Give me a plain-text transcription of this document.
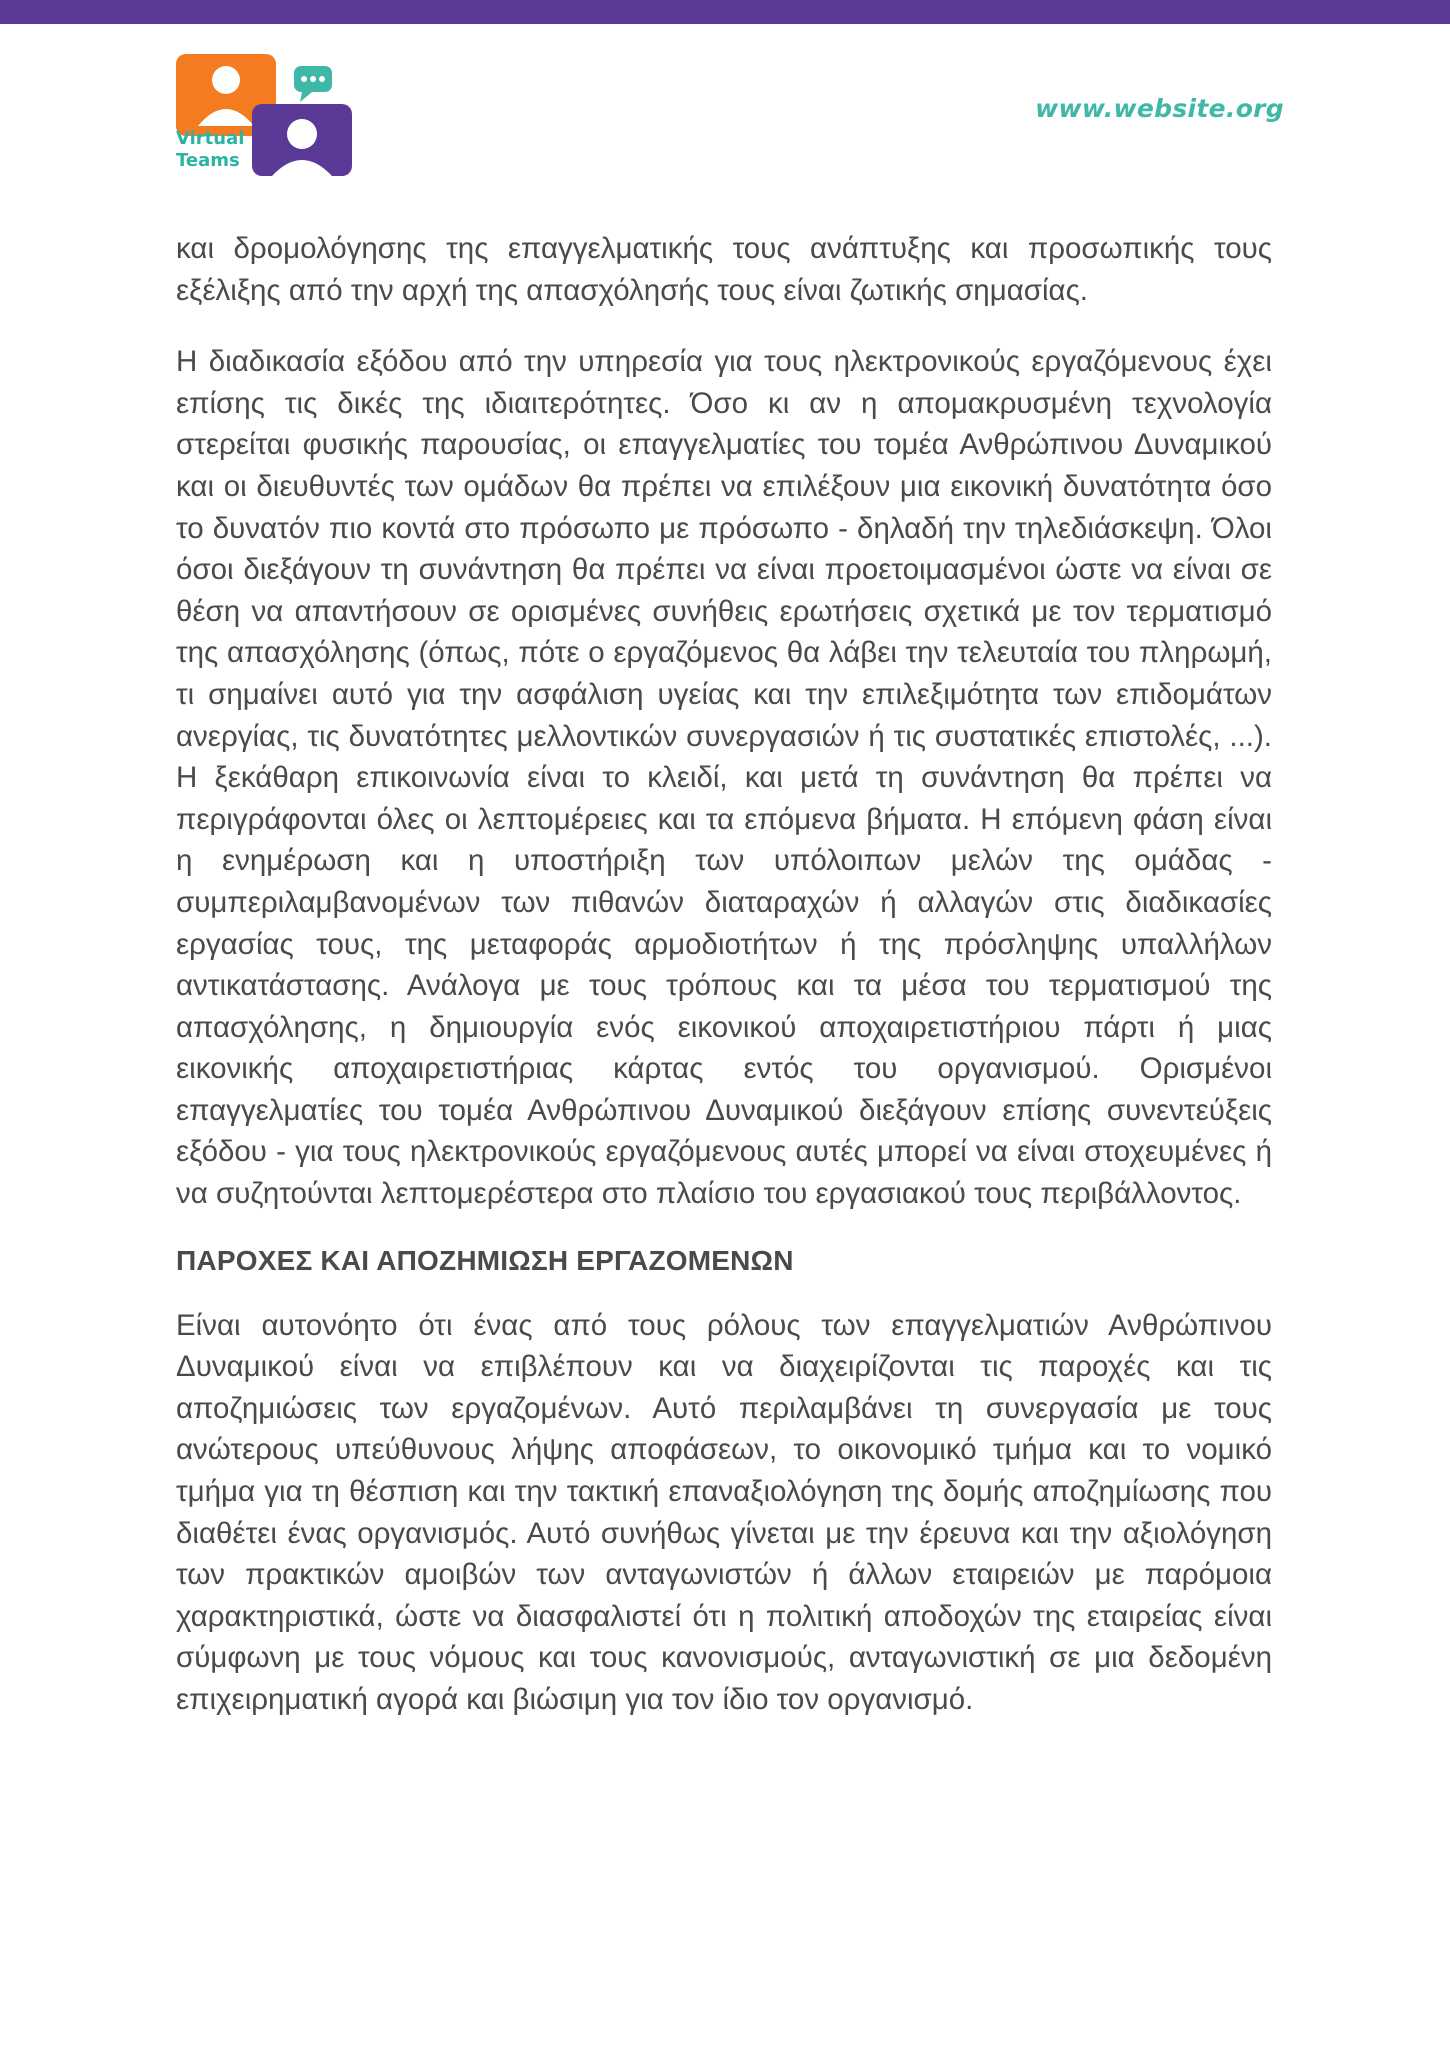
Virtual
Teams
www.website.org

και δρομολόγησης της επαγγελματικής τους ανάπτυξης και προσωπικής τους εξέλιξης από την αρχή της απασχόλησής τους είναι ζωτικής σημασίας.

Η διαδικασία εξόδου από την υπηρεσία για τους ηλεκτρονικούς εργαζόμενους έχει επίσης τις δικές της ιδιαιτερότητες. Όσο κι αν η απομακρυσμένη τεχνολογία στερείται φυσικής παρουσίας, οι επαγγελματίες του τομέα Ανθρώπινου Δυναμικού και οι διευθυντές των ομάδων θα πρέπει να επιλέξουν μια εικονική δυνατότητα όσο το δυνατόν πιο κοντά στο πρόσωπο με πρόσωπο - δηλαδή την τηλεδιάσκεψη. Όλοι όσοι διεξάγουν τη συνάντηση θα πρέπει να είναι προετοιμασμένοι ώστε να είναι σε θέση να απαντήσουν σε ορισμένες συνήθεις ερωτήσεις σχετικά με τον τερματισμό της απασχόλησης (όπως, πότε ο εργαζόμενος θα λάβει την τελευταία του πληρωμή, τι σημαίνει αυτό για την ασφάλιση υγείας και την επιλεξιμότητα των επιδομάτων ανεργίας, τις δυνατότητες μελλοντικών συνεργασιών ή τις συστατικές επιστολές, ...). Η ξεκάθαρη επικοινωνία είναι το κλειδί, και μετά τη συνάντηση θα πρέπει να περιγράφονται όλες οι λεπτομέρειες και τα επόμενα βήματα. Η επόμενη φάση είναι η ενημέρωση και η υποστήριξη των υπόλοιπων μελών της ομάδας - συμπεριλαμβανομένων των πιθανών διαταραχών ή αλλαγών στις διαδικασίες εργασίας τους, της μεταφοράς αρμοδιοτήτων ή της πρόσληψης υπαλλήλων αντικατάστασης. Ανάλογα με τους τρόπους και τα μέσα του τερματισμού της απασχόλησης, η δημιουργία ενός εικονικού αποχαιρετιστήριου πάρτι ή μιας εικονικής αποχαιρετιστήριας κάρτας εντός του οργανισμού. Ορισμένοι επαγγελματίες του τομέα Ανθρώπινου Δυναμικού διεξάγουν επίσης συνεντεύξεις εξόδου - για τους ηλεκτρονικούς εργαζόμενους αυτές μπορεί να είναι στοχευμένες ή να συζητούνται λεπτομερέστερα στο πλαίσιο του εργασιακού τους περιβάλλοντος.

ΠΑΡΟΧΕΣ ΚΑΙ ΑΠΟΖΗΜΙΩΣΗ ΕΡΓΑΖΟΜΕΝΩΝ

Είναι αυτονόητο ότι ένας από τους ρόλους των επαγγελματιών Ανθρώπινου Δυναμικού είναι να επιβλέπουν και να διαχειρίζονται τις παροχές και τις αποζημιώσεις των εργαζομένων. Αυτό περιλαμβάνει τη συνεργασία με τους ανώτερους υπεύθυνους λήψης αποφάσεων, το οικονομικό τμήμα και το νομικό τμήμα για τη θέσπιση και την τακτική επαναξιολόγηση της δομής αποζημίωσης που διαθέτει ένας οργανισμός. Αυτό συνήθως γίνεται με την έρευνα και την αξιολόγηση των πρακτικών αμοιβών των ανταγωνιστών ή άλλων εταιρειών με παρόμοια χαρακτηριστικά, ώστε να διασφαλιστεί ότι η πολιτική αποδοχών της εταιρείας είναι σύμφωνη με τους νόμους και τους κανονισμούς, ανταγωνιστική σε μια δεδομένη επιχειρηματική αγορά και βιώσιμη για τον ίδιο τον οργανισμό.
